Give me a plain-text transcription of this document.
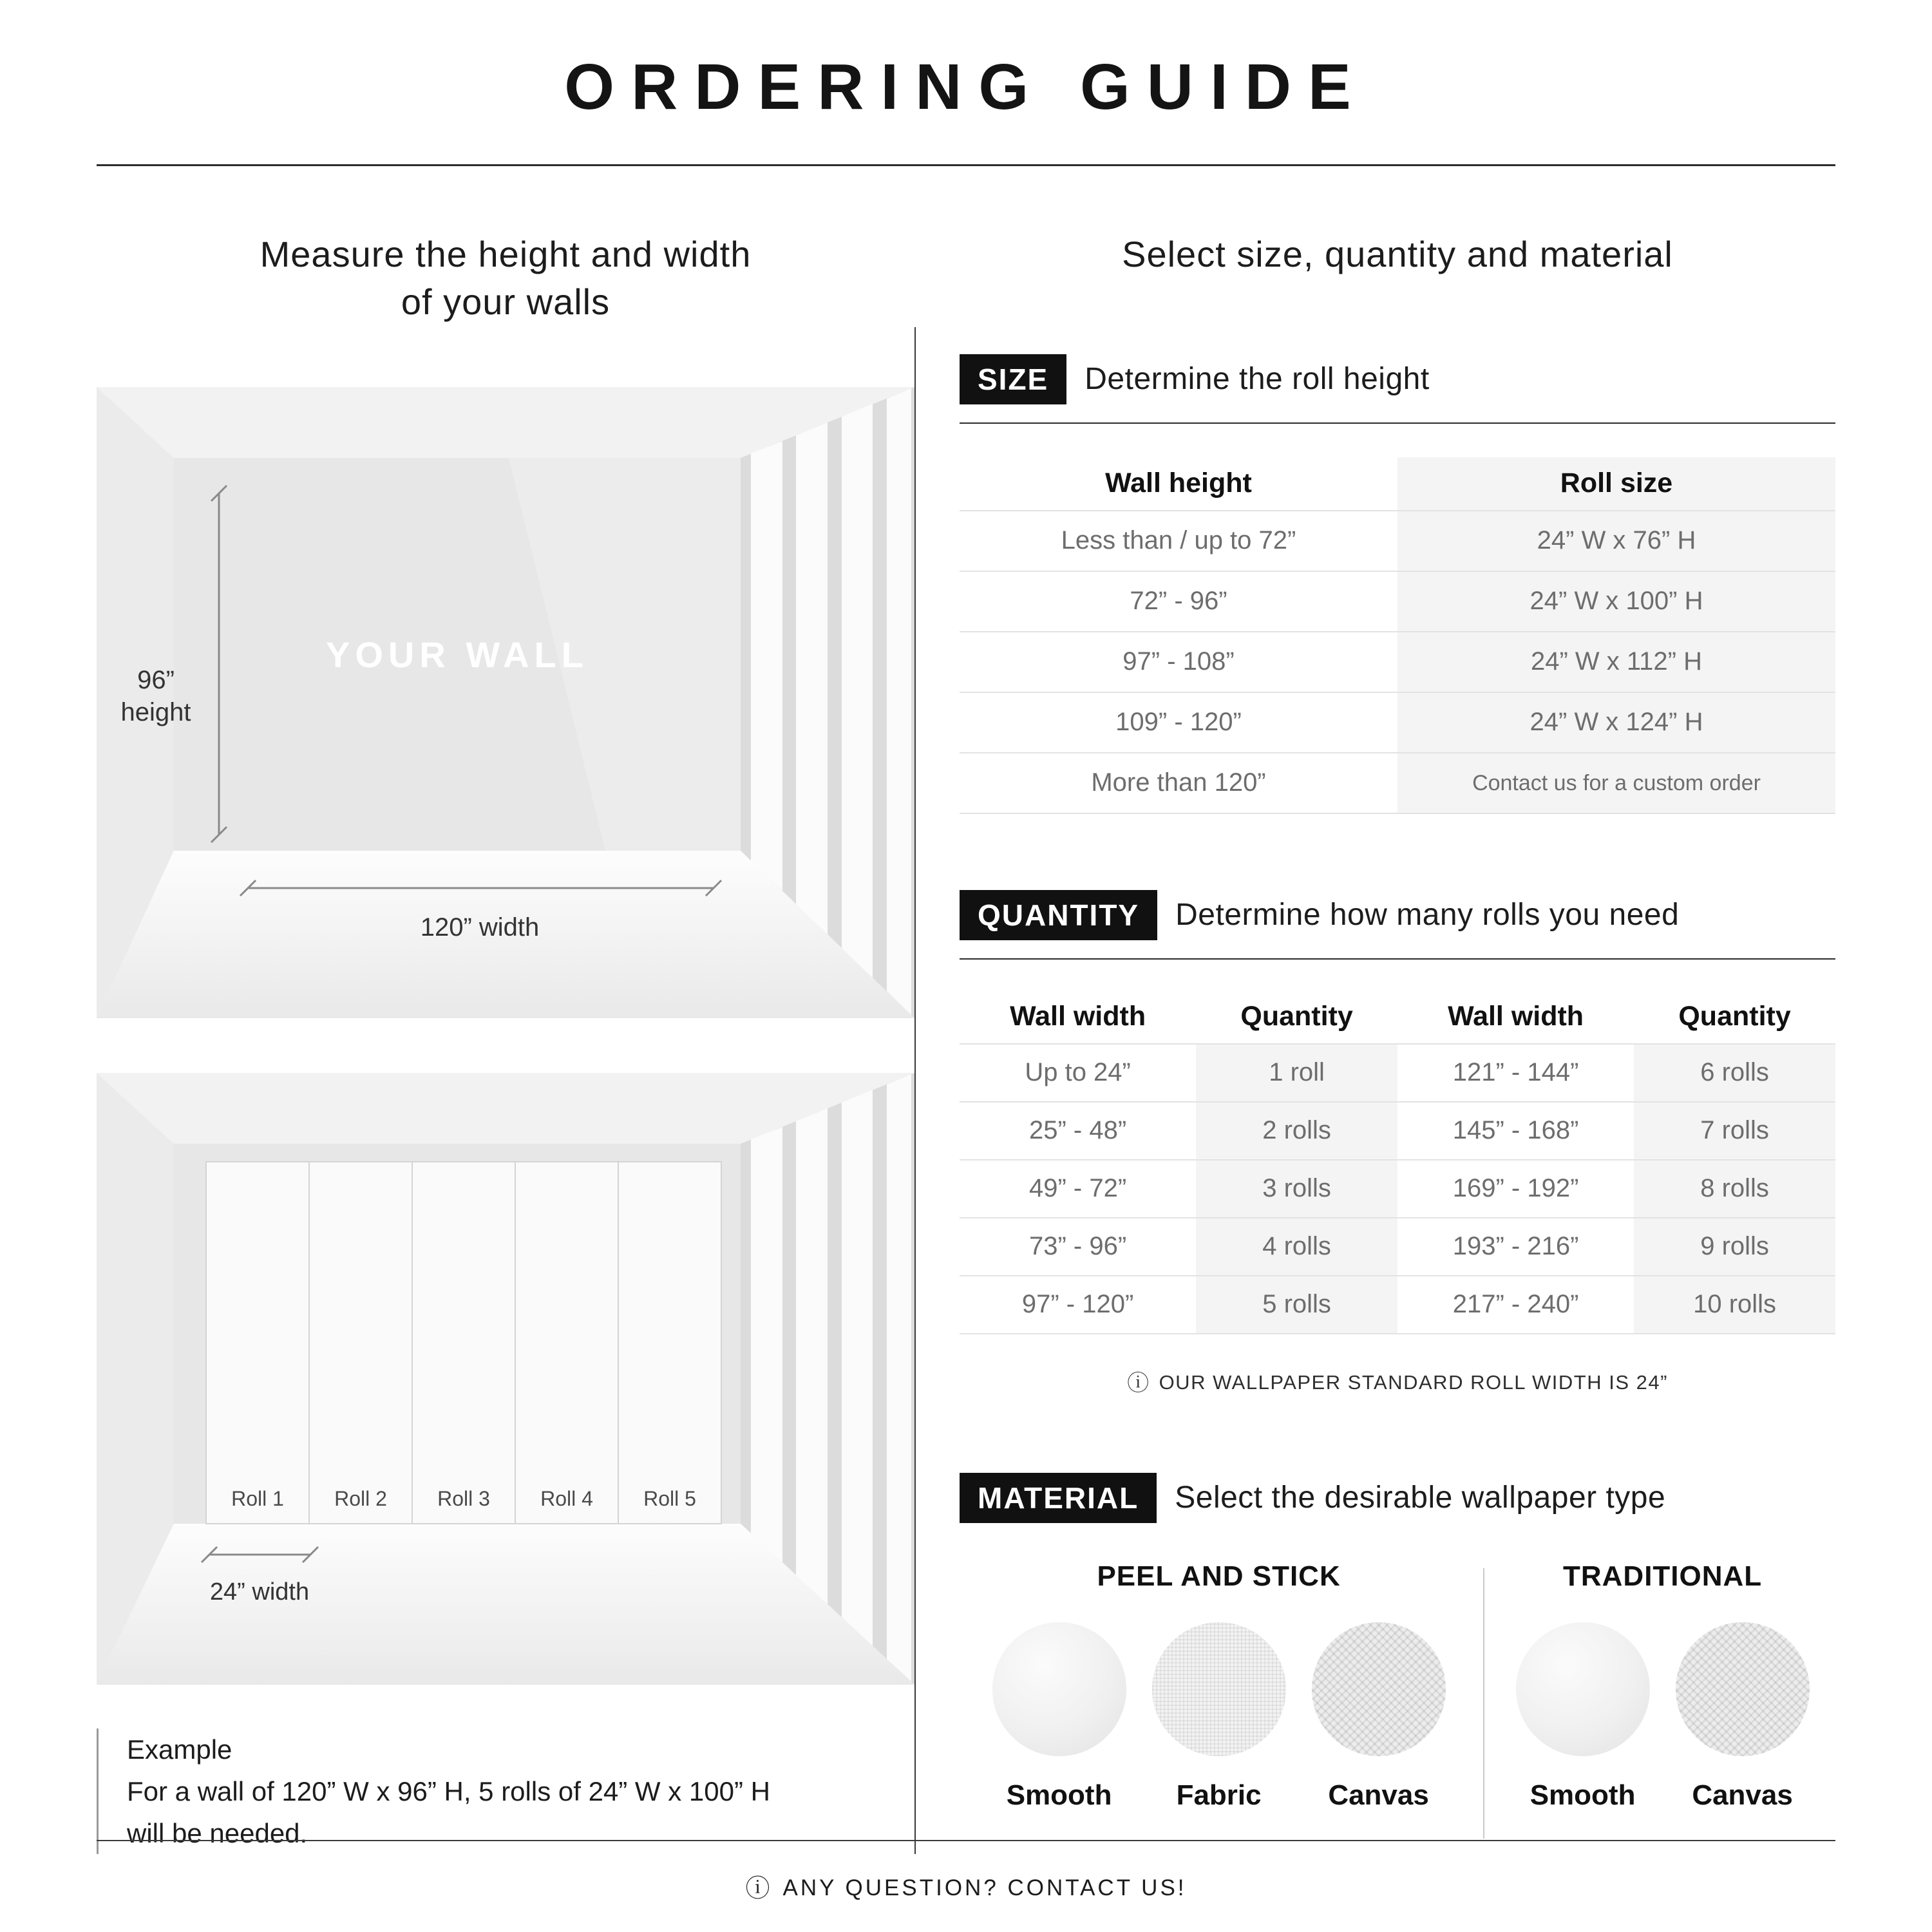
ORDERING GUIDE
Measure the height and width
of your walls
96”
height
120” width
YOUR WALL
Roll 1 Roll 2 Roll 3 Roll 4 Roll 5
24” width
Example
For a wall of 120” W x 96” H, 5 rolls of 24” W x 100” H
will be needed.
Select size, quantity and material
SIZE	Determine the roll height
Wall height	Roll size
Less than / up to 72”	24” W x 76” H
72” - 96”	24” W x 100” H
97” - 108”	24” W x 112” H
109” - 120”	24” W x 124” H
More than 120”	Contact us for a custom order
QUANTITY	Determine how many rolls you need
Wall width	Quantity	Wall width	Quantity
Up to 24”	1 roll	121” - 144”	6 rolls
25” - 48”	2 rolls	145” - 168”	7 rolls
49” - 72”	3 rolls	169” - 192”	8 rolls
73” - 96”	4 rolls	193” - 216”	9 rolls
97” - 120”	5 rolls	217” - 240”	10 rolls
ⓘ OUR WALLPAPER STANDARD ROLL WIDTH IS 24”
MATERIAL	Select the desirable wallpaper type
PEEL AND STICK
Smooth	Fabric	Canvas
TRADITIONAL
Smooth	Canvas
ⓘ ANY QUESTION? CONTACT US!
